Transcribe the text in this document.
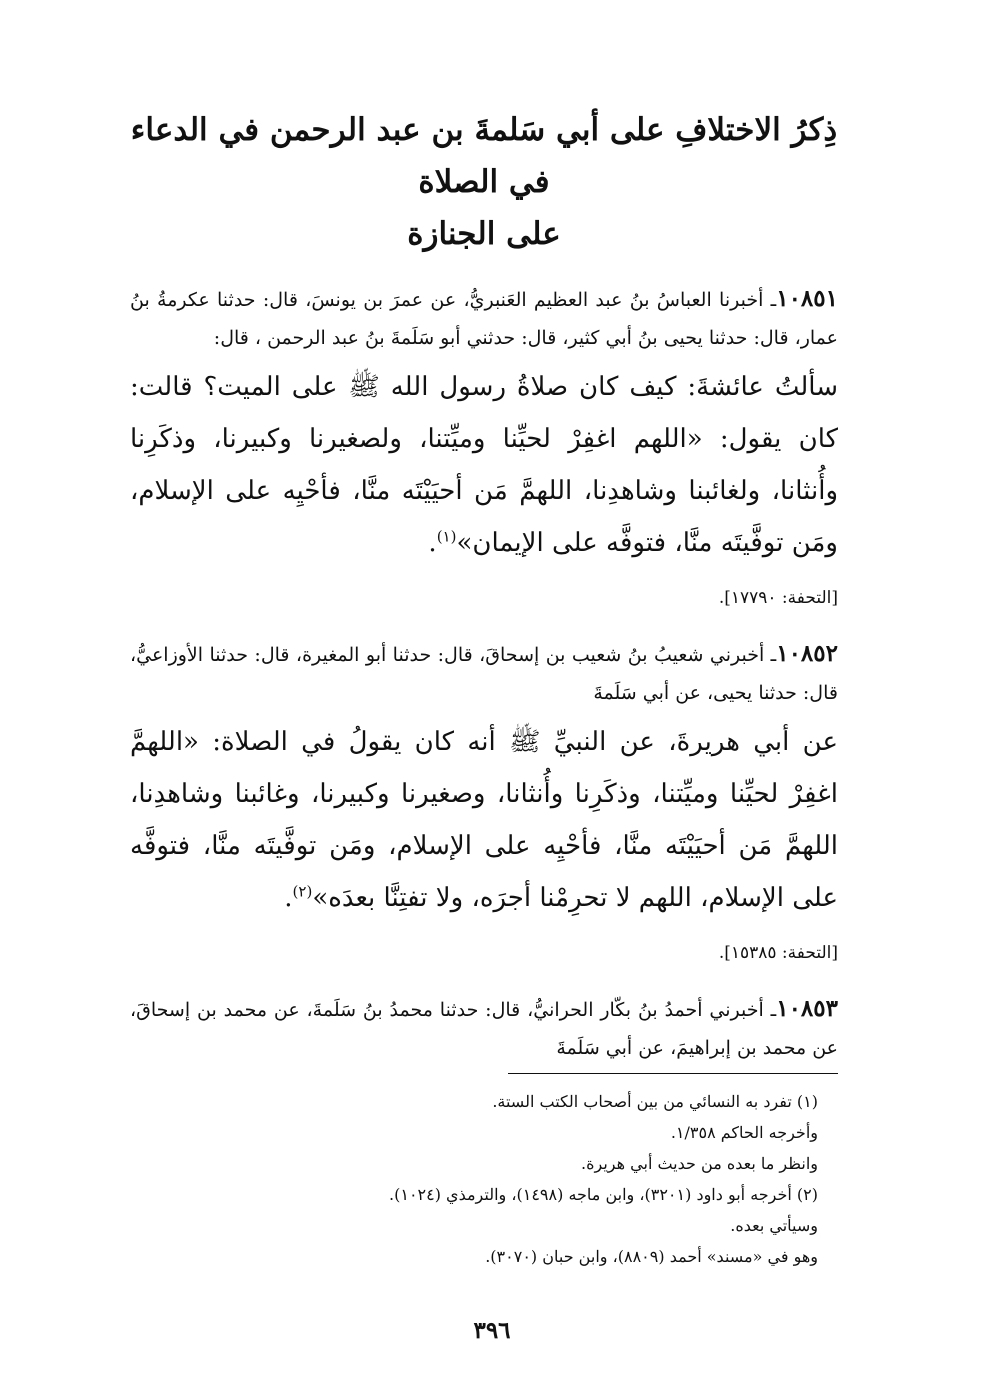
ذِكرُ الاختلافِ على أبي سَلمةَ بن عبد الرحمن في الدعاء في الصلاة
على الجنازة

١٠٨٥١ـ أخبرنا العباسُ بنُ عبد العظيم العَنبريُّ، عن عمرَ بن يونسَ، قال: حدثنا عكرمةُ بنُ عمار، قال: حدثنا يحيى بنُ أبي كثير، قال: حدثني أبو سَلَمةَ بنُ عبد الرحمن ، قال:

سألتُ عائشةَ: كيف كان صلاةُ رسول الله ﷺ على الميت؟ قالت: كان يقول: «اللهم اغفِرْ لحيِّنا وميِّتنا، ولصغيرنا وكبيرنا، وذكَرِنا وأُنثانا، ولغائبنا وشاهدِنا، اللهمَّ مَن أحيَيْتَه منَّا، فأحْيِه على الإسلام، ومَن توفَّيتَه منَّا، فتوفَّه على الإيمان»$^{(١)}$.

[التحفة: ١٧٧٩٠].

١٠٨٥٢ـ أخبرني شعيبُ بنُ شعيب بن إسحاقَ، قال: حدثنا أبو المغيرة، قال: حدثنا الأوزاعيُّ، قال: حدثنا يحيى، عن أبي سَلَمةَ

عن أبي هريرةَ، عن النبيِّ ﷺ أنه كان يقولُ في الصلاة: «اللهمَّ اغفِرْ لحيِّنا وميِّتنا، وذكَرِنا وأُنثانا، وصغيرنا وكبيرنا، وغائبنا وشاهدِنا، اللهمَّ مَن أحيَيْتَه منَّا، فأحْيِه على الإسلام، ومَن توفَّيتَه منَّا، فتوفَّه على الإسلام، اللهم لا تحرِمْنا أجرَه، ولا تفتِنَّا بعدَه»$^{(٢)}$.

[التحفة: ١٥٣٨٥].

١٠٨٥٣ـ أخبرني أحمدُ بنُ بكّار الحرانيُّ، قال: حدثنا محمدُ بنُ سَلَمةَ، عن محمد بن إسحاقَ، عن محمد بن إبراهيمَ، عن أبي سَلَمةَ

(١) تفرد به النسائي من بين أصحاب الكتب الستة.

وأخرجه الحاكم ١/٣٥٨.

وانظر ما بعده من حديث أبي هريرة.

(٢) أخرجه أبو داود (٣٢٠١)، وابن ماجه (١٤٩٨)، والترمذي (١٠٢٤).

وسيأتي بعده.

وهو في «مسند» أحمد (٨٨٠٩)، وابن حبان (٣٠٧٠).

٣٩٦
